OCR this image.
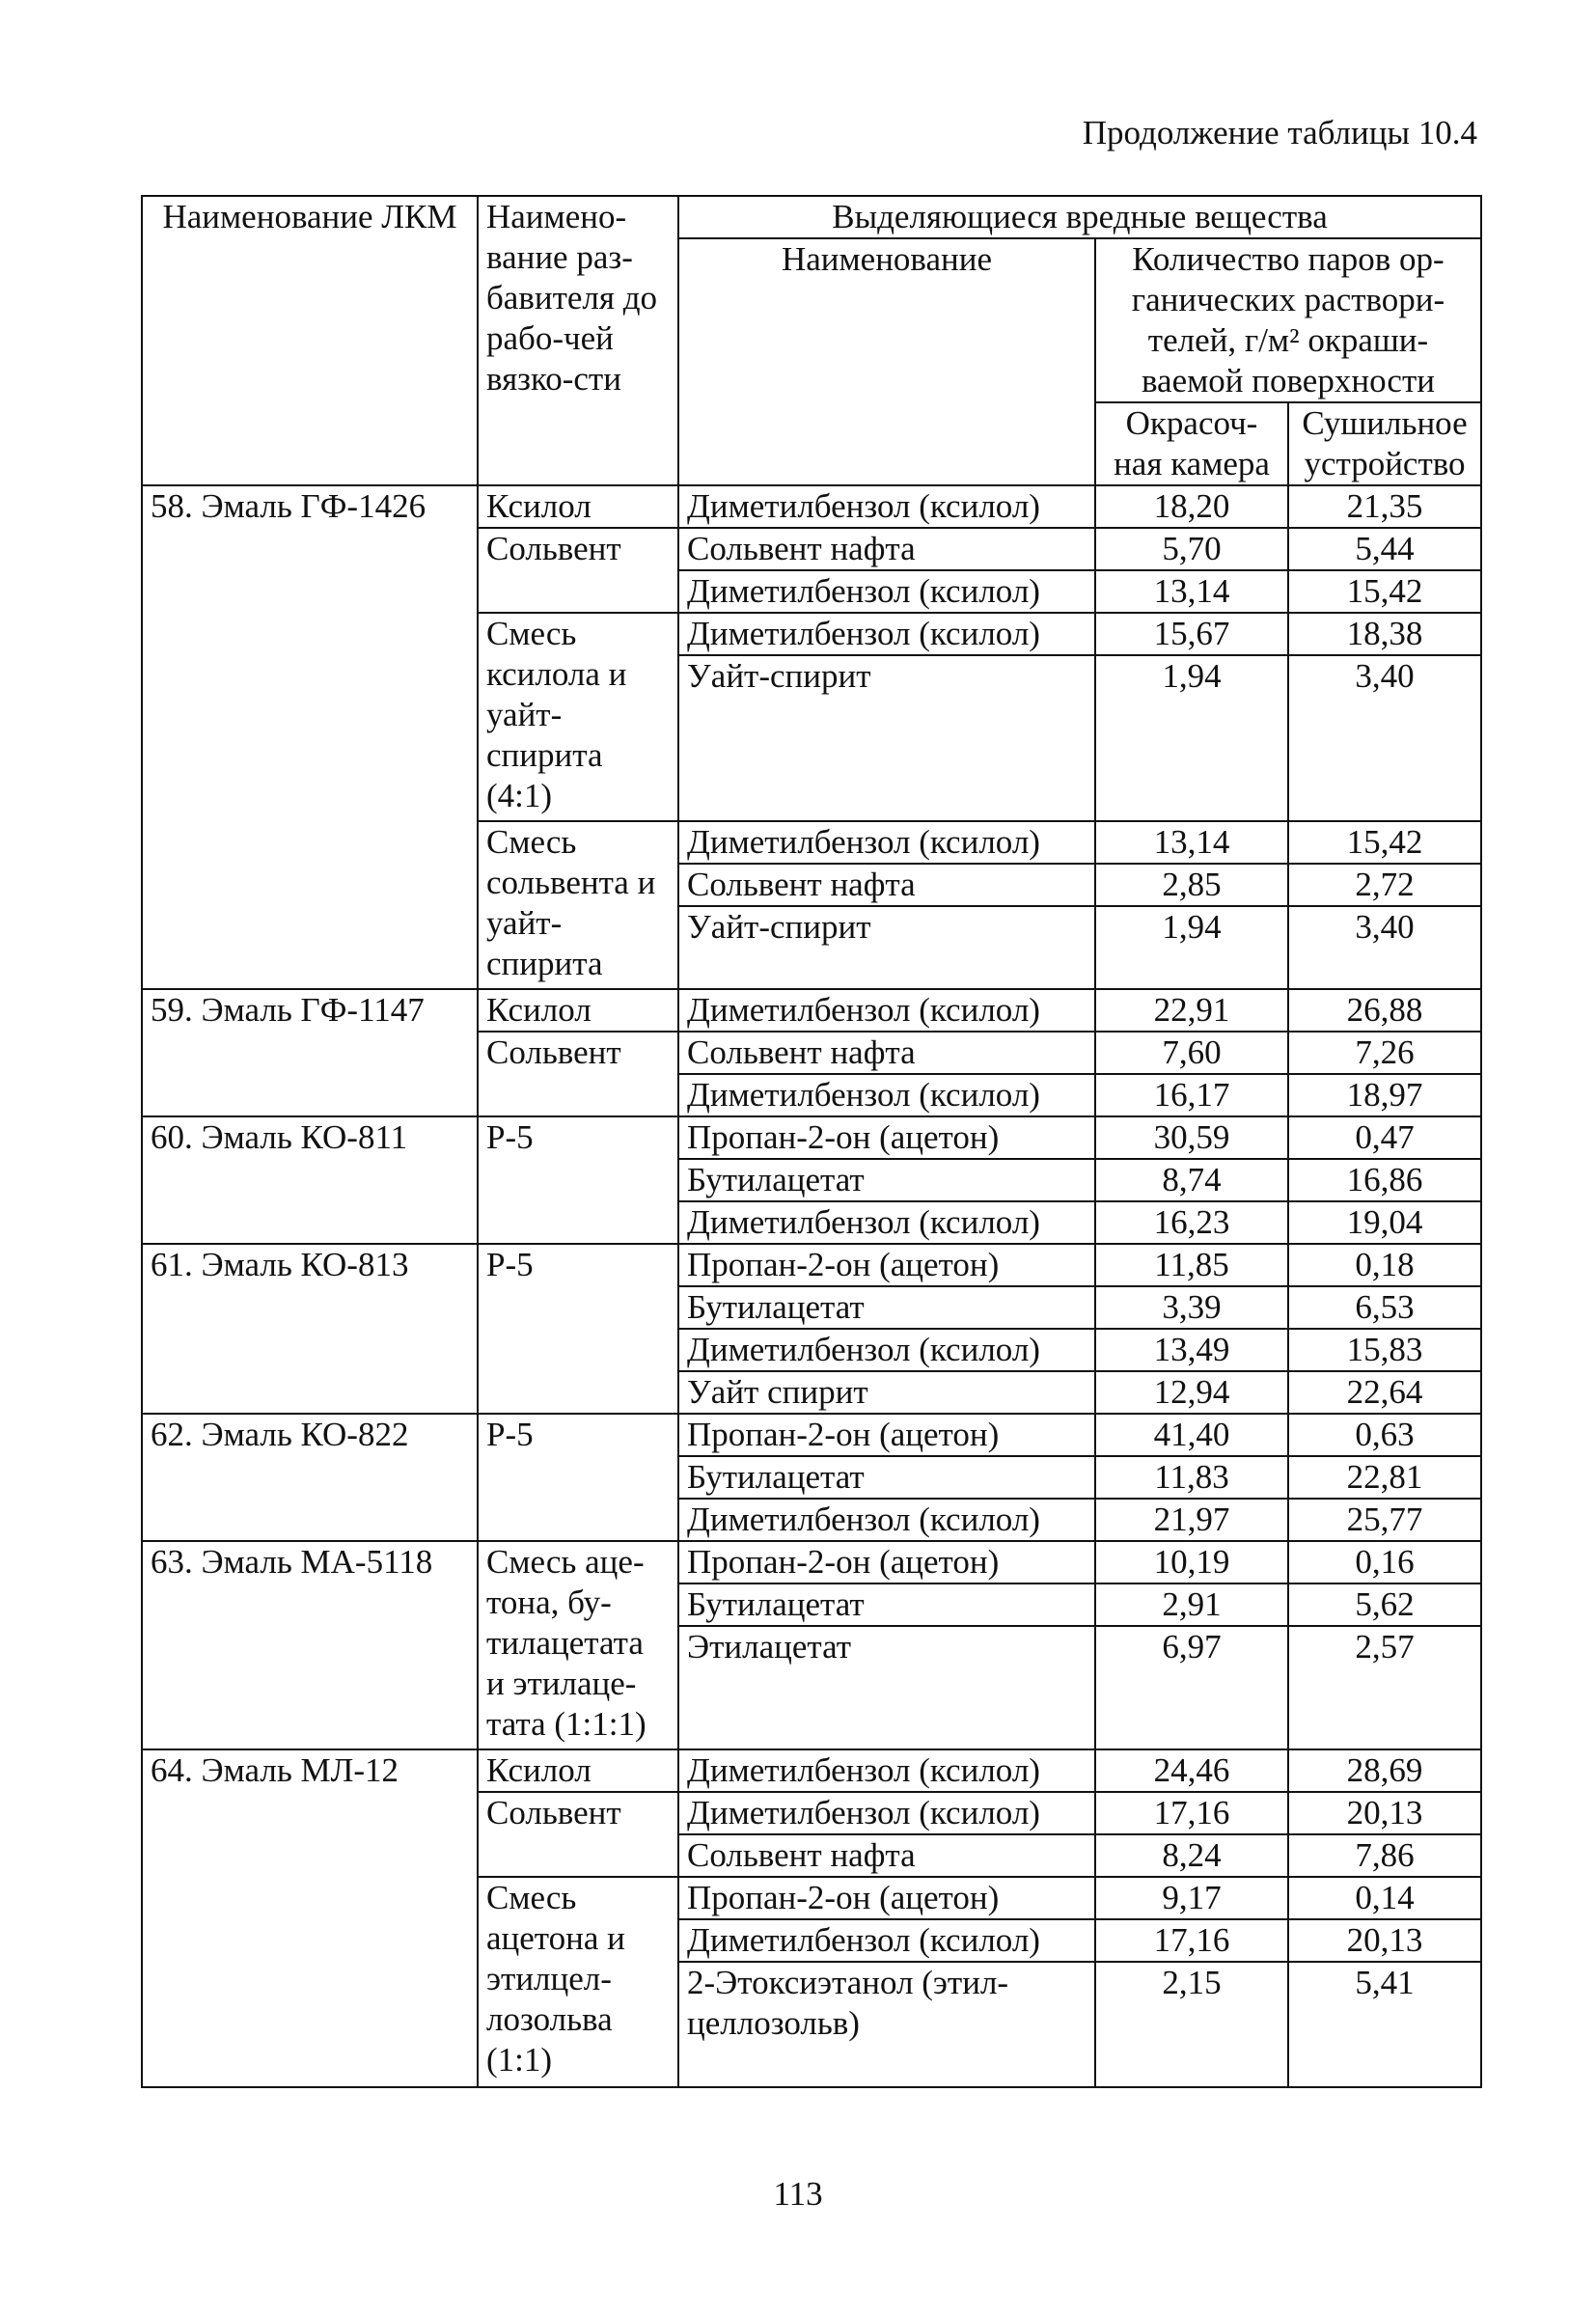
Продолжение таблицы 10.4
Наименование ЛКМ	Наимено-вание раз-бавителя до рабо-чей вязко-сти	Выделяющиеся вредные вещества		
		Наименование	Количество паров ор-ганических раствори-телей, г/м² окраши-ваемой поверхности	
			Окрасоч-ная камера	Сушильное устройство
58. Эмаль ГФ-1426	Ксилол	Диметилбензол (ксилол)	18,20	21,35
	Сольвент	Сольвент нафта	5,70	5,44
		Диметилбензол (ксилол)	13,14	15,42
	Смесь ксилола и уайт-спирита (4:1)	Диметилбензол (ксилол)	15,67	18,38
		Уайт-спирит	1,94	3,40
	Смесь сольвента и уайт-спирита	Диметилбензол (ксилол)	13,14	15,42
		Сольвент нафта	2,85	2,72
		Уайт-спирит	1,94	3,40
59. Эмаль ГФ-1147	Ксилол	Диметилбензол (ксилол)	22,91	26,88
	Сольвент	Сольвент нафта	7,60	7,26
		Диметилбензол (ксилол)	16,17	18,97
60. Эмаль КО-811	Р-5	Пропан-2-он (ацетон)	30,59	0,47
		Бутилацетат	8,74	16,86
		Диметилбензол (ксилол)	16,23	19,04
61. Эмаль КО-813	Р-5	Пропан-2-он (ацетон)	11,85	0,18
		Бутилацетат	3,39	6,53
		Диметилбензол (ксилол)	13,49	15,83
		Уайт спирит	12,94	22,64
62. Эмаль КО-822	Р-5	Пропан-2-он (ацетон)	41,40	0,63
		Бутилацетат	11,83	22,81
		Диметилбензол (ксилол)	21,97	25,77
63. Эмаль МА-5118	Смесь аце-тона, бу-тилацетата и этилаце-тата (1:1:1)	Пропан-2-он (ацетон)	10,19	0,16
		Бутилацетат	2,91	5,62
		Этилацетат	6,97	2,57
64. Эмаль МЛ-12	Ксилол	Диметилбензол (ксилол)	24,46	28,69
	Сольвент	Диметилбензол (ксилол)	17,16	20,13
		Сольвент нафта	8,24	7,86
	Смесь ацетона и этилцел-лозольва (1:1)	Пропан-2-он (ацетон)	9,17	0,14
		Диметилбензол (ксилол)	17,16	20,13
		2-Этоксиэтанол (этил-целлозольв)	2,15	5,41
113
